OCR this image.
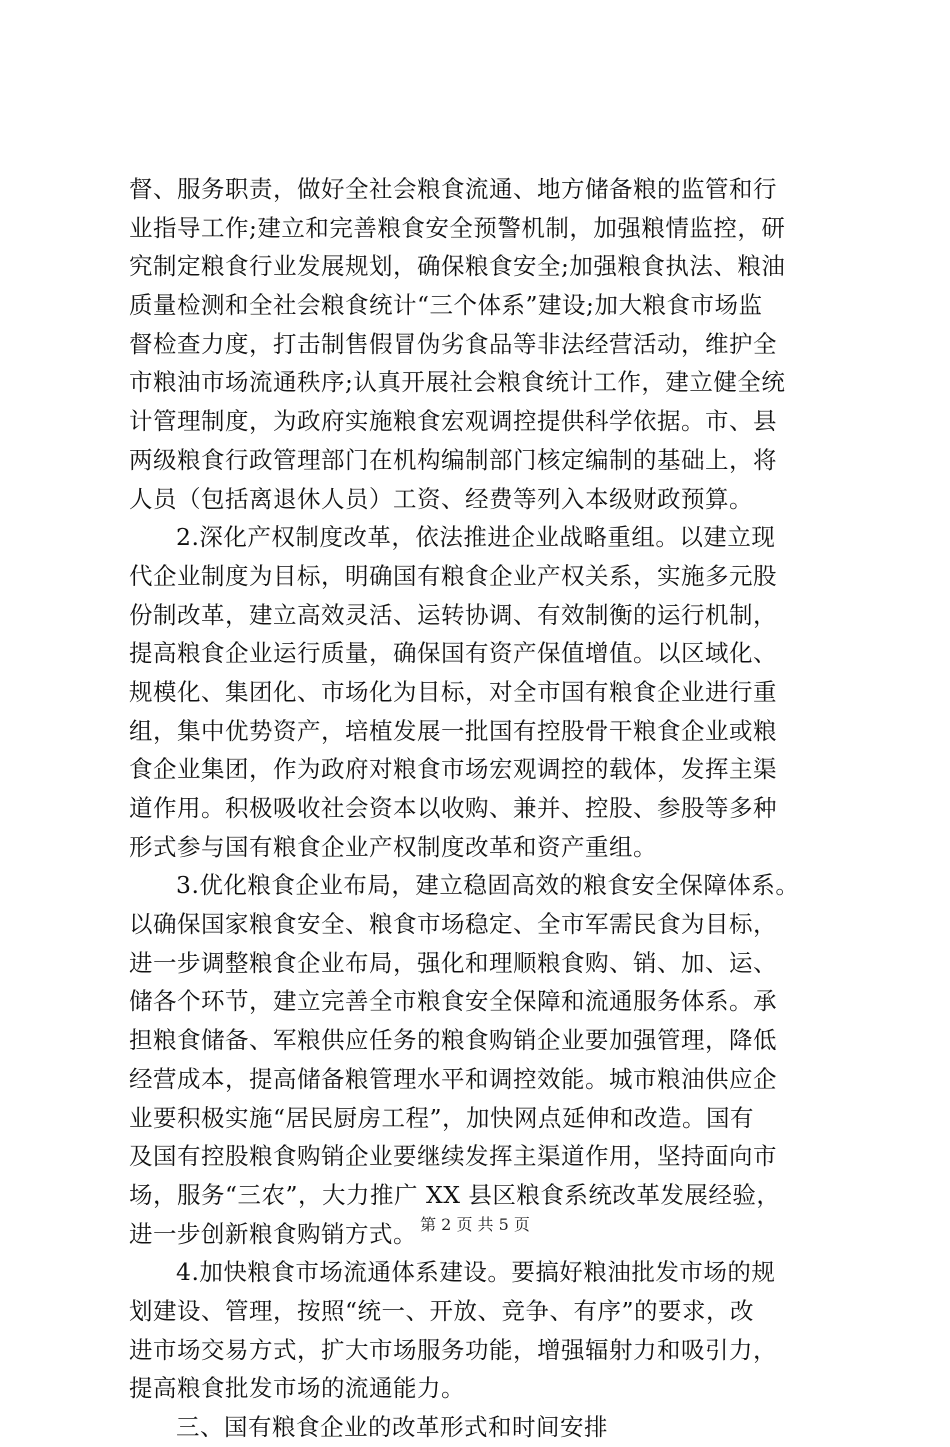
督、服务职责，做好全社会粮食流通、地方储备粮的监管和行
业指导工作;建立和完善粮食安全预警机制，加强粮情监控，研
究制定粮食行业发展规划，确保粮食安全;加强粮食执法、粮油
质量检测和全社会粮食统计“三个体系”建设;加大粮食市场监
督检查力度，打击制售假冒伪劣食品等非法经营活动，维护全
市粮油市场流通秩序;认真开展社会粮食统计工作，建立健全统
计管理制度，为政府实施粮食宏观调控提供科学依据。市、县
两级粮食行政管理部门在机构编制部门核定编制的基础上，将
人员（包括离退休人员）工资、经费等列入本级财政预算。
2.深化产权制度改革，依法推进企业战略重组。以建立现
代企业制度为目标，明确国有粮食企业产权关系，实施多元股
份制改革，建立高效灵活、运转协调、有效制衡的运行机制，
提高粮食企业运行质量，确保国有资产保值增值。以区域化、
规模化、集团化、市场化为目标，对全市国有粮食企业进行重
组，集中优势资产，培植发展一批国有控股骨干粮食企业或粮
食企业集团，作为政府对粮食市场宏观调控的载体，发挥主渠
道作用。积极吸收社会资本以收购、兼并、控股、参股等多种
形式参与国有粮食企业产权制度改革和资产重组。
3.优化粮食企业布局，建立稳固高效的粮食安全保障体系。
以确保国家粮食安全、粮食市场稳定、全市军需民食为目标，
进一步调整粮食企业布局，强化和理顺粮食购、销、加、运、
储各个环节，建立完善全市粮食安全保障和流通服务体系。承
担粮食储备、军粮供应任务的粮食购销企业要加强管理，降低
经营成本，提高储备粮管理水平和调控效能。城市粮油供应企
业要积极实施“居民厨房工程”，加快网点延伸和改造。国有
及国有控股粮食购销企业要继续发挥主渠道作用，坚持面向市
场，服务“三农”，大力推广 XX 县区粮食系统改革发展经验，
进一步创新粮食购销方式。
4.加快粮食市场流通体系建设。要搞好粮油批发市场的规
划建设、管理，按照“统一、开放、竞争、有序”的要求，改
进市场交易方式，扩大市场服务功能，增强辐射力和吸引力，
提高粮食批发市场的流通能力。
三、国有粮食企业的改革形式和时间安排
第 2 页 共 5 页
